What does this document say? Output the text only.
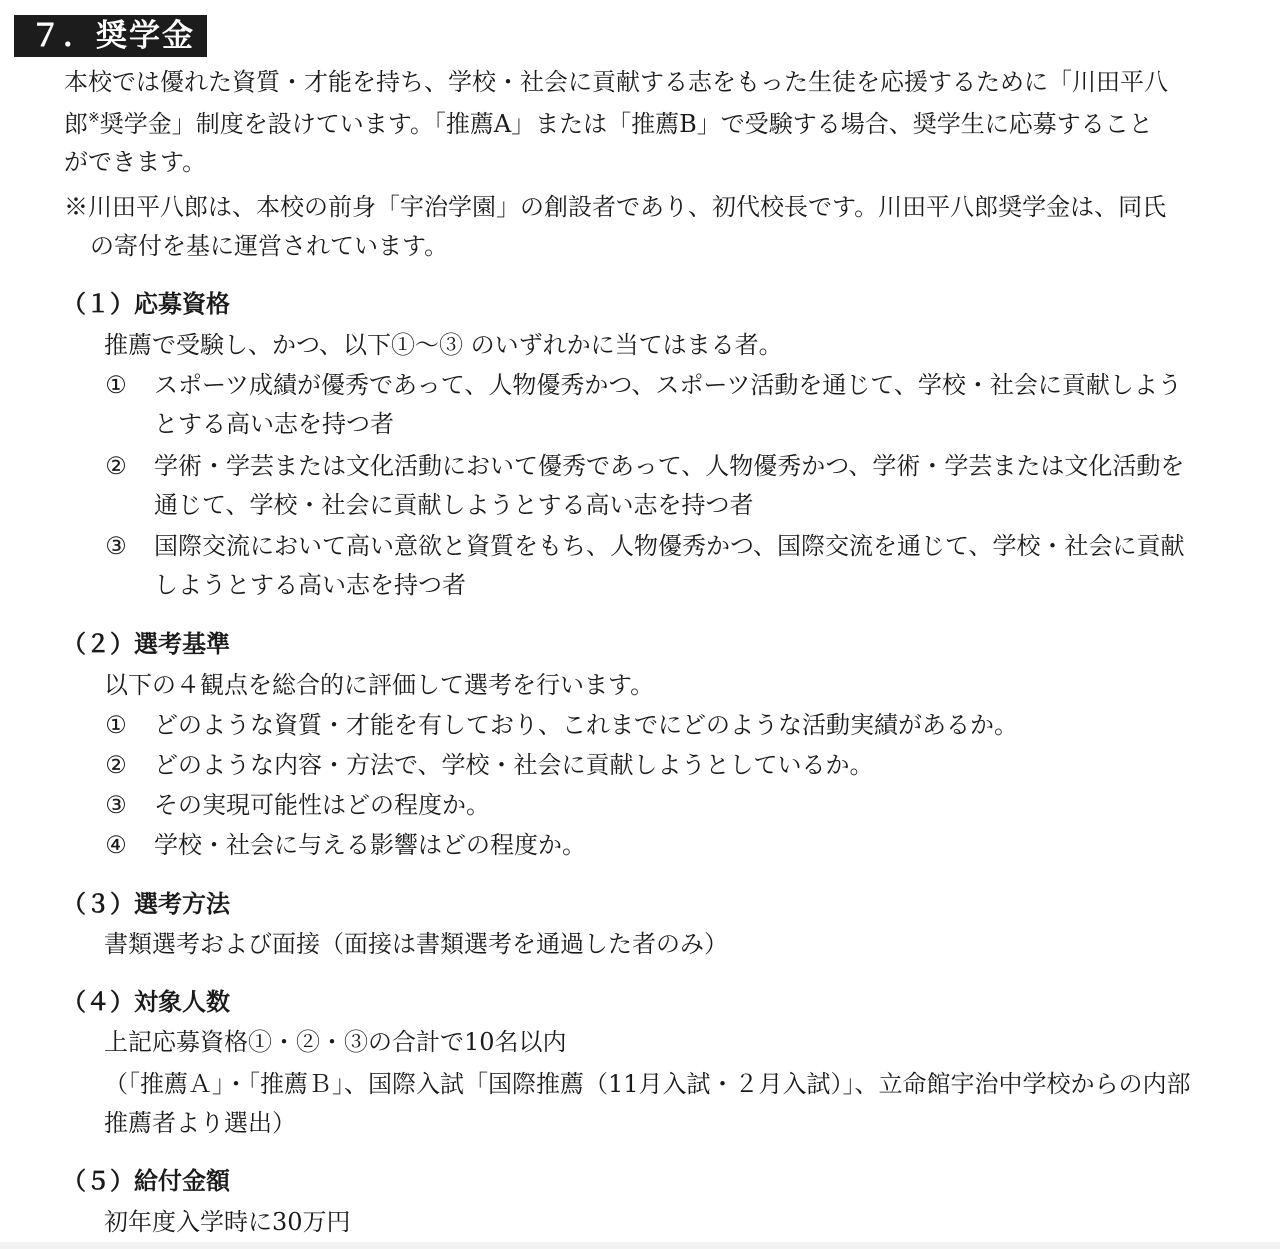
７．奨学金
本校では優れた資質・才能を持ち、学校・社会に貢献する志をもった生徒を応援するために「川田平八
郎※奨学金」制度を設けています。「推薦A」または「推薦B」で受験する場合、奨学生に応募すること
ができます。
※川田平八郎は、本校の前身「宇治学園」の創設者であり、初代校長です。川田平八郎奨学金は、同氏
の寄付を基に運営されています。
（１）応募資格
推薦で受験し、かつ、以下①～③ のいずれかに当てはまる者。
①	スポーツ成績が優秀であって、人物優秀かつ、スポーツ活動を通じて、学校・社会に貢献しよう
とする高い志を持つ者
②	学術・学芸または文化活動において優秀であって、人物優秀かつ、学術・学芸または文化活動を
通じて、学校・社会に貢献しようとする高い志を持つ者
③	国際交流において高い意欲と資質をもち、人物優秀かつ、国際交流を通じて、学校・社会に貢献
しようとする高い志を持つ者
（２）選考基準
以下の４観点を総合的に評価して選考を行います。
①	どのような資質・才能を有しており、これまでにどのような活動実績があるか。
②	どのような内容・方法で、学校・社会に貢献しようとしているか。
③	その実現可能性はどの程度か。
④	学校・社会に与える影響はどの程度か。
（３）選考方法
書類選考および面接（面接は書類選考を通過した者のみ）
（４）対象人数
上記応募資格①・②・③の合計で10名以内
（「推薦Ａ」・「推薦Ｂ」、国際入試「国際推薦（11月入試・２月入試）」、立命館宇治中学校からの内部
推薦者より選出）
（５）給付金額
初年度入学時に30万円
